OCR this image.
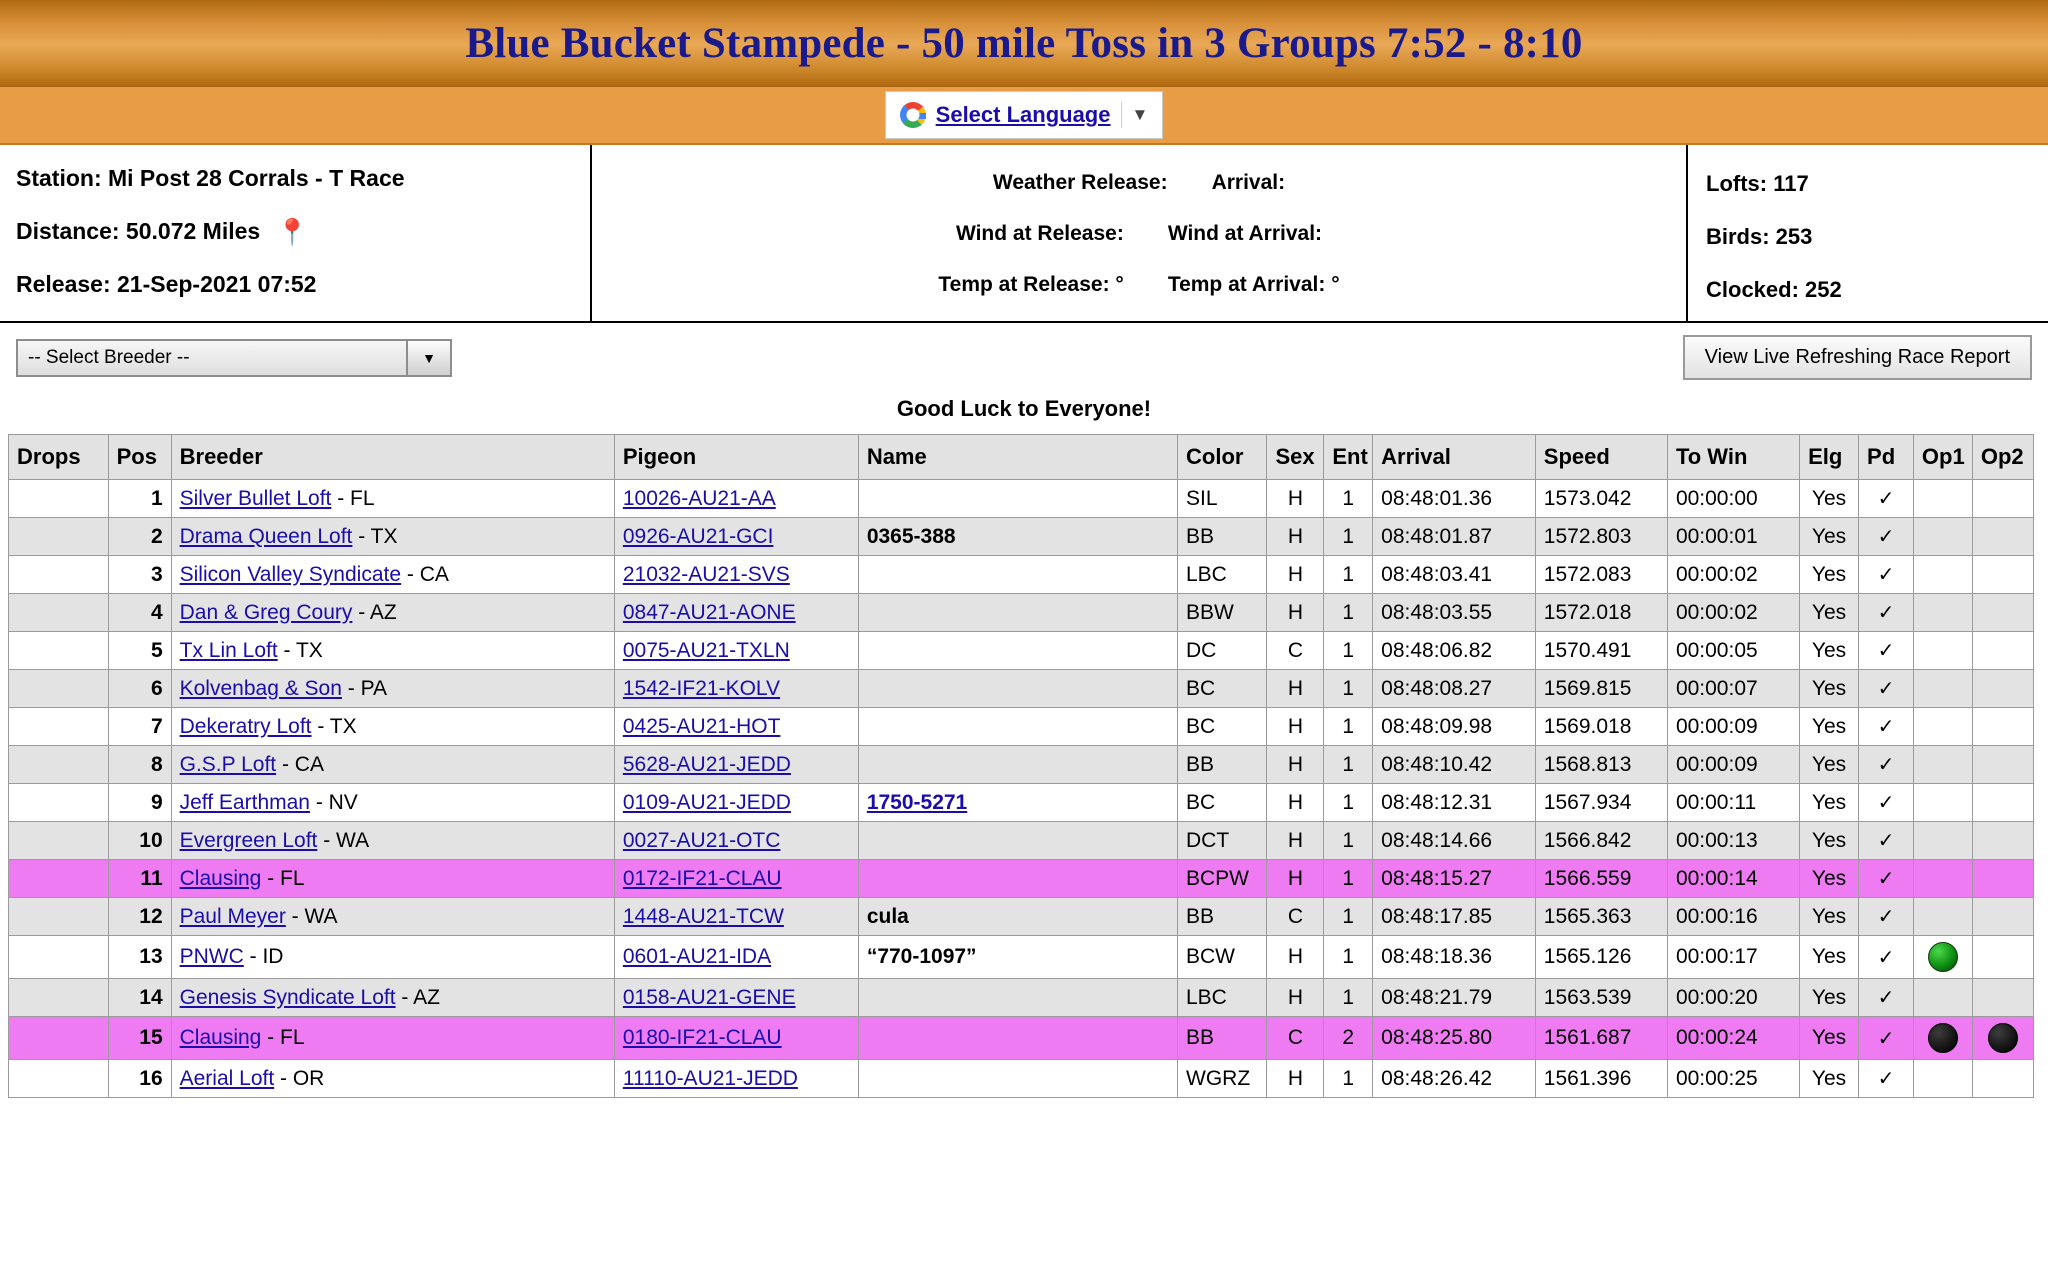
Blue Bucket Stampede - 50 mile Toss in 3 Groups 7:52 - 8:10
Select Language ▼
Station: Mi Post 28 Corrals - T Race
Distance: 50.072 Miles 📍
Release: 21-Sep-2021 07:52
Weather Release: Arrival:
Wind at Release: Wind at Arrival:
Temp at Release: ° Temp at Arrival: °
Lofts: 117
Birds: 253
Clocked: 252
-- Select Breeder --	▼	View Live Refreshing Race Report
Good Luck to Everyone!
Drops	Pos	Breeder	Pigeon	Name	Color	Sex	Ent	Arrival	Speed	To Win	Elg	Pd	Op1	Op2
	1	Silver Bullet Loft - FL	10026-AU21-AA		SIL	H	1	08:48:01.36	1573.042	00:00:00	Yes	✓		
	2	Drama Queen Loft - TX	0926-AU21-GCI	0365-388	BB	H	1	08:48:01.87	1572.803	00:00:01	Yes	✓		
	3	Silicon Valley Syndicate - CA	21032-AU21-SVS		LBC	H	1	08:48:03.41	1572.083	00:00:02	Yes	✓		
	4	Dan & Greg Coury - AZ	0847-AU21-AONE		BBW	H	1	08:48:03.55	1572.018	00:00:02	Yes	✓		
	5	Tx Lin Loft - TX	0075-AU21-TXLN		DC	C	1	08:48:06.82	1570.491	00:00:05	Yes	✓		
	6	Kolvenbag & Son - PA	1542-IF21-KOLV		BC	H	1	08:48:08.27	1569.815	00:00:07	Yes	✓		
	7	Dekeratry Loft - TX	0425-AU21-HOT		BC	H	1	08:48:09.98	1569.018	00:00:09	Yes	✓		
	8	G.S.P Loft - CA	5628-AU21-JEDD		BB	H	1	08:48:10.42	1568.813	00:00:09	Yes	✓		
	9	Jeff Earthman - NV	0109-AU21-JEDD	1750-5271	BC	H	1	08:48:12.31	1567.934	00:00:11	Yes	✓		
	10	Evergreen Loft - WA	0027-AU21-OTC		DCT	H	1	08:48:14.66	1566.842	00:00:13	Yes	✓		
	11	Clausing - FL	0172-IF21-CLAU		BCPW	H	1	08:48:15.27	1566.559	00:00:14	Yes	✓		
	12	Paul Meyer - WA	1448-AU21-TCW	cula	BB	C	1	08:48:17.85	1565.363	00:00:16	Yes	✓		
	13	PNWC - ID	0601-AU21-IDA	“770-1097”	BCW	H	1	08:48:18.36	1565.126	00:00:17	Yes	✓		
	14	Genesis Syndicate Loft - AZ	0158-AU21-GENE		LBC	H	1	08:48:21.79	1563.539	00:00:20	Yes	✓		
	15	Clausing - FL	0180-IF21-CLAU		BB	C	2	08:48:25.80	1561.687	00:00:24	Yes	✓		
	16	Aerial Loft - OR	11110-AU21-JEDD		WGRZ	H	1	08:48:26.42	1561.396	00:00:25	Yes	✓		
